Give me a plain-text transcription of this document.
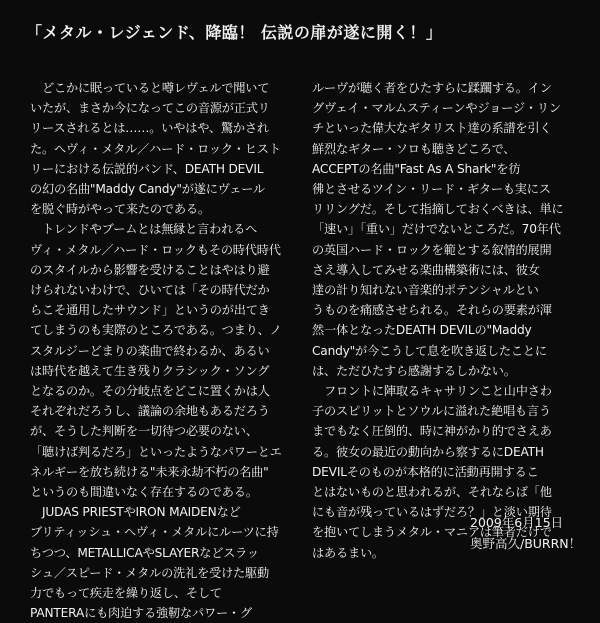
「メタル・レジェンド、降臨！ 伝説の扉が遂に開く！」
　どこかに眠っていると噂レヴェルで聞いて
いたが、まさか今になってこの音源が正式リ
リースされるとは……。いやはや、驚かされ
た。ヘヴィ・メタル／ハード・ロック・ヒスト
リーにおける伝説的バンド、DEATH DEVIL
の幻の名曲"Maddy Candy"が遂にヴェール
を脱ぐ時がやって来たのである。
　トレンドやブームとは無縁と言われるヘ
ヴィ・メタル／ハード・ロックもその時代時代
のスタイルから影響を受けることはやはり避
けられないわけで、ひいては「その時代だか
らこそ通用したサウンド」というのが出てき
てしまうのも実際のところである。つまり、ノ
スタルジーどまりの楽曲で終わるか、あるい
は時代を越えて生き残りクラシック・ソング
となるのか。その分岐点をどこに置くかは人
それぞれだろうし、議論の余地もあるだろう
が、そうした判断を一切待つ必要のない、
「聴けば判るだろ」といったようなパワーとエ
ネルギーを放ち続ける"未来永劫不朽の名曲"
というのも間違いなく存在するのである。
　JUDAS PRIESTやIRON MAIDENなど
ブリティッシュ・ヘヴィ・メタルにルーツに持
ちつつ、METALLICAやSLAYERなどスラッ
シュ／スピード・メタルの洗礼を受けた駆動
力でもって疾走を繰り返し、そして
PANTERAにも肉迫する強靭なパワー・グ
ルーヴが聴く者をひたすらに蹂躙する。イン
グヴェイ・マルムスティーンやジョージ・リン
チといった偉大なギタリスト達の系譜を引く
鮮烈なギター・ソロも聴きどころで、
ACCEPTの名曲"Fast As A Shark"を彷
彿とさせるツイン・リード・ギターも実にス
リリングだ。そして指摘しておくべきは、単に
「速い」「重い」だけでないところだ。70年代
の英国ハード・ロックを範とする叙情的展開
さえ導入してみせる楽曲構築術には、彼女
達の計り知れない音楽的ポテンシャルとい
うものを痛感させられる。それらの要素が渾
然一体となったDEATH DEVILの"Maddy
Candy"が今こうして息を吹き返したことに
は、ただひたすら感謝するしかない。
　フロントに陣取るキャサリンこと山中さわ
子のスピリットとソウルに溢れた絶唱も言う
までもなく圧倒的、時に神がかり的でさえあ
る。彼女の最近の動向から察するにDEATH
DEVILそのものが本格的に活動再開するこ
とはないものと思われるが、それならば「他
にも音が残っているはずだろ？」と淡い期待
を抱いてしまうメタル・マニアは筆者だけで
はあるまい。
2009年6月15日
奥野高久/BURRN！
